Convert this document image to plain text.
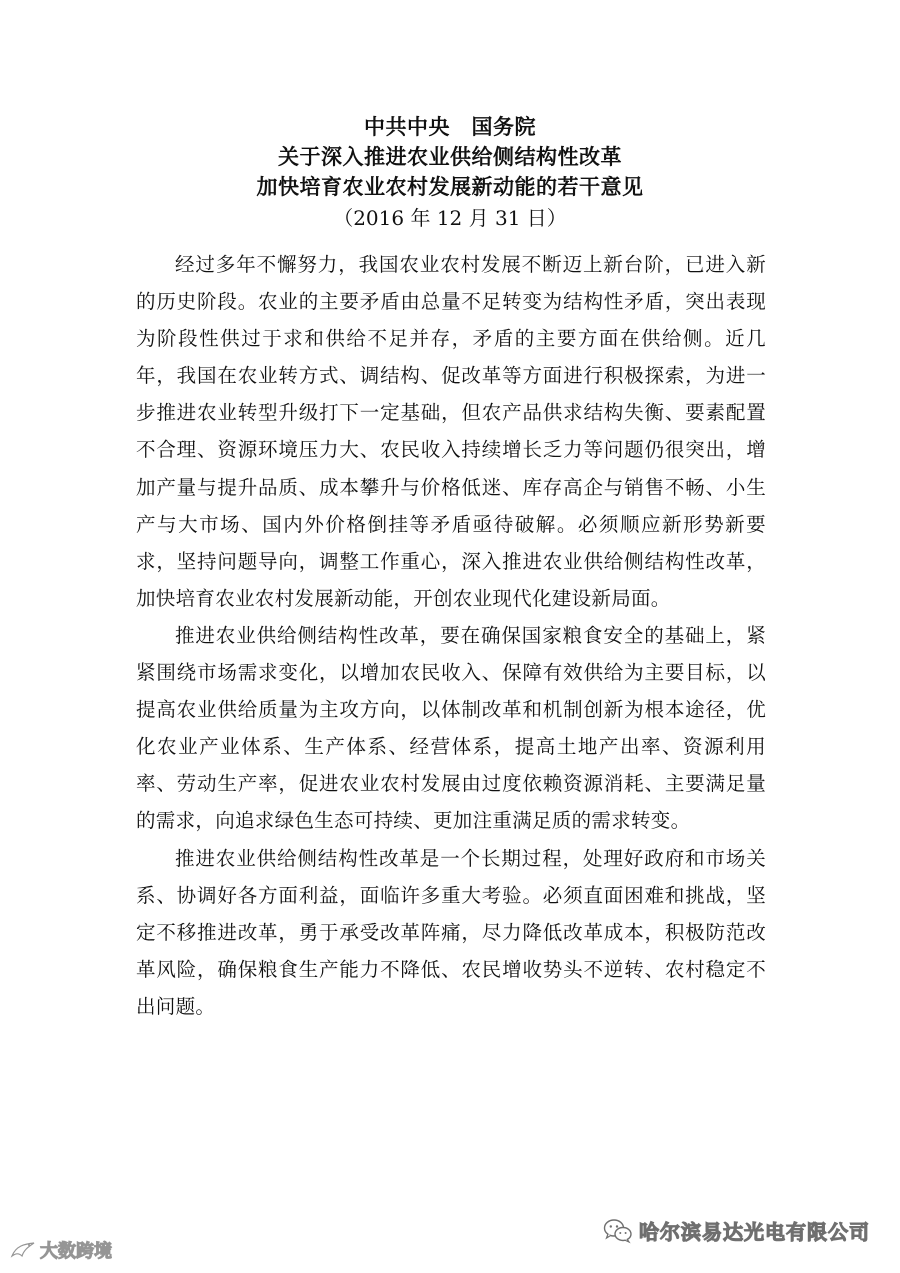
中共中央　国务院
关于深入推进农业供给侧结构性改革
加快培育农业农村发展新动能的若干意见
（2016 年 12 月 31 日）

经过多年不懈努力，我国农业农村发展不断迈上新台阶，已进入新的历史阶段。农业的主要矛盾由总量不足转变为结构性矛盾，突出表现为阶段性供过于求和供给不足并存，矛盾的主要方面在供给侧。近几年，我国在农业转方式、调结构、促改革等方面进行积极探索，为进一步推进农业转型升级打下一定基础，但农产品供求结构失衡、要素配置不合理、资源环境压力大、农民收入持续增长乏力等问题仍很突出，增加产量与提升品质、成本攀升与价格低迷、库存高企与销售不畅、小生产与大市场、国内外价格倒挂等矛盾亟待破解。必须顺应新形势新要求，坚持问题导向，调整工作重心，深入推进农业供给侧结构性改革，加快培育农业农村发展新动能，开创农业现代化建设新局面。

推进农业供给侧结构性改革，要在确保国家粮食安全的基础上，紧紧围绕市场需求变化，以增加农民收入、保障有效供给为主要目标，以提高农业供给质量为主攻方向，以体制改革和机制创新为根本途径，优化农业产业体系、生产体系、经营体系，提高土地产出率、资源利用率、劳动生产率，促进农业农村发展由过度依赖资源消耗、主要满足量的需求，向追求绿色生态可持续、更加注重满足质的需求转变。

推进农业供给侧结构性改革是一个长期过程，处理好政府和市场关系、协调好各方面利益，面临许多重大考验。必须直面困难和挑战，坚定不移推进改革，勇于承受改革阵痛，尽力降低改革成本，积极防范改革风险，确保粮食生产能力不降低、农民增收势头不逆转、农村稳定不出问题。

大数跨境
哈尔滨易达光电有限公司
